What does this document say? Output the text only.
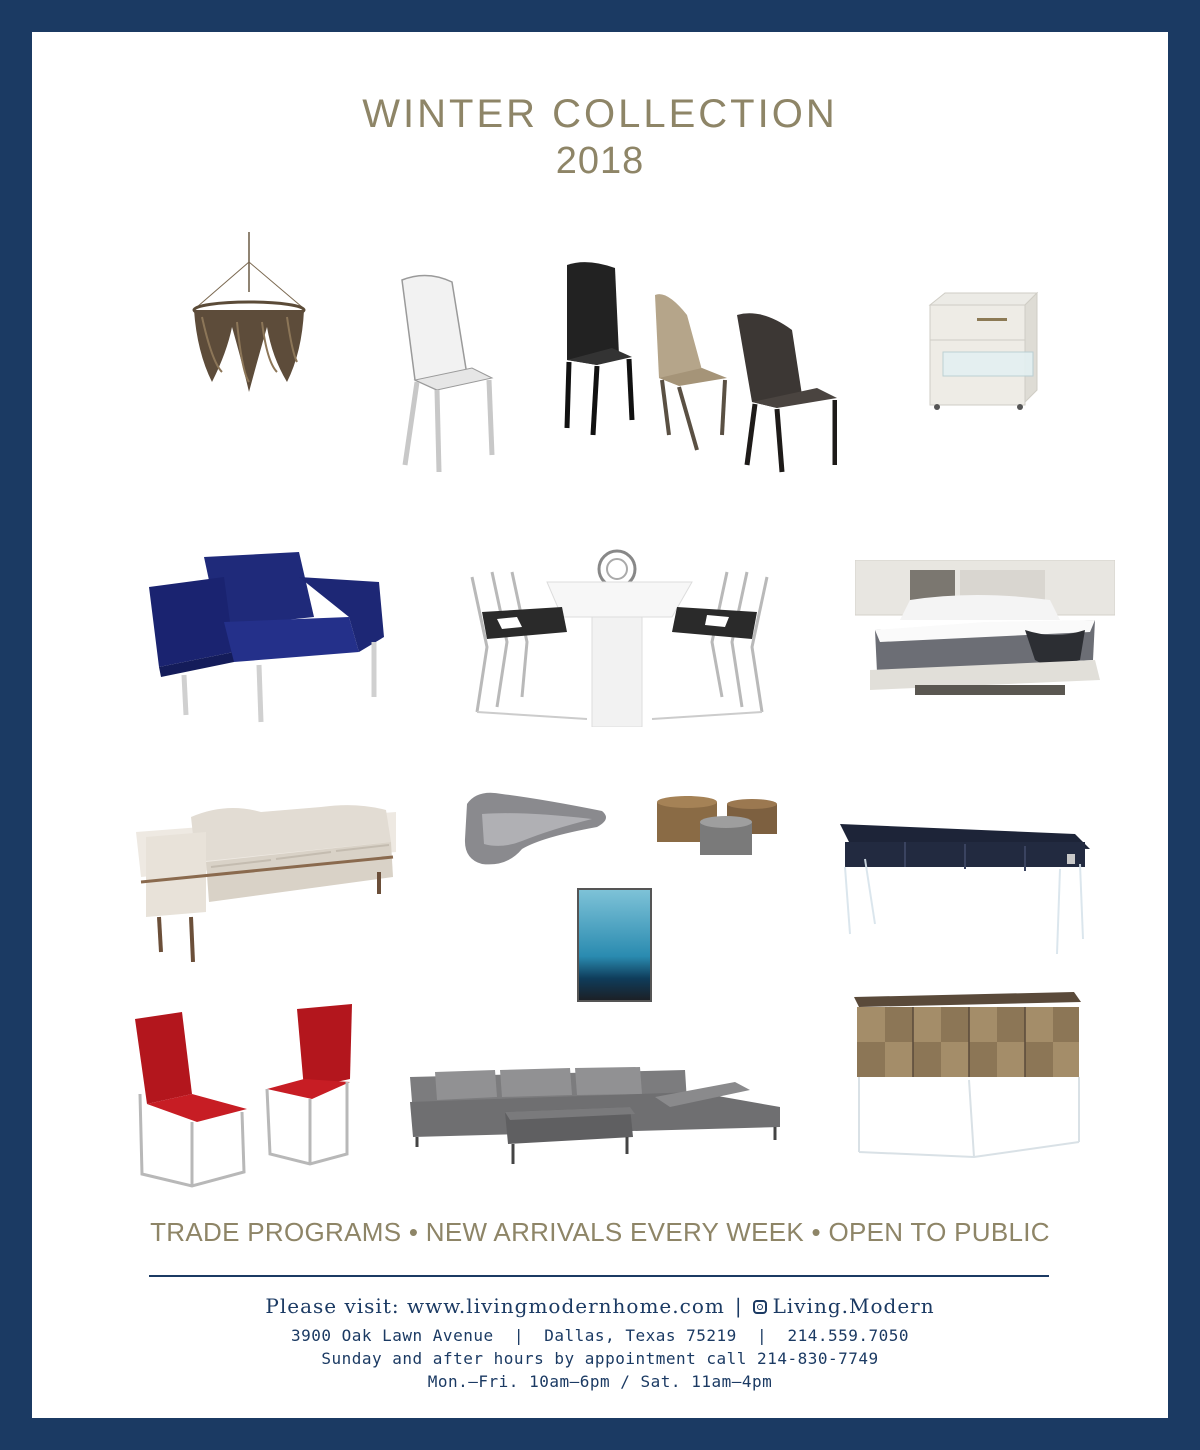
WINTER COLLECTION
2018
TRADE PROGRAMS • NEW ARRIVALS EVERY WEEK • OPEN TO PUBLIC
Please visit: www.livingmodernhome.com | Living.Modern
3900 Oak Lawn Avenue  |  Dallas, Texas 75219  |  214.559.7050
Sunday and after hours by appointment call 214-830-7749
Mon.–Fri. 10am–6pm / Sat. 11am–4pm
